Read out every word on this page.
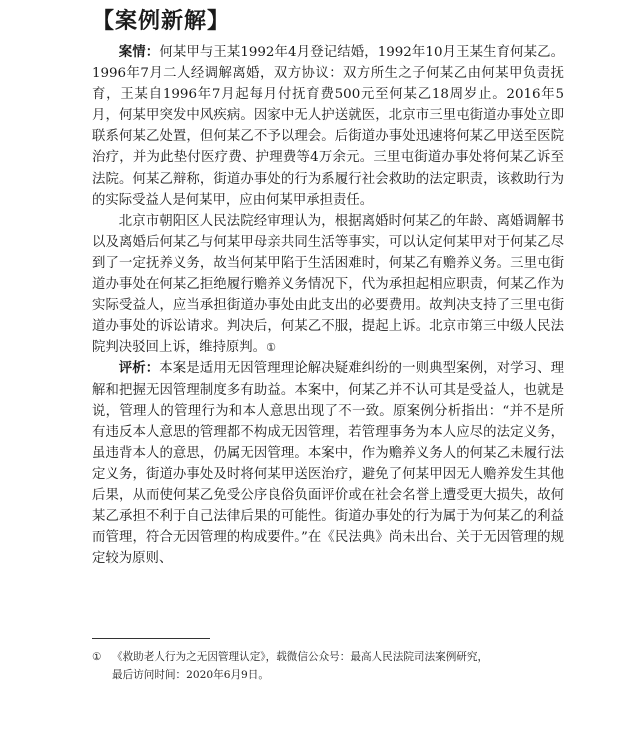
【案例新解】

案情：何某甲与王某1992年4月登记结婚，1992年10月王某生育何某乙。1996年7月二人经调解离婚，双方协议：双方所生之子何某乙由何某甲负责抚育，王某自1996年7月起每月付抚育费500元至何某乙18周岁止。2016年5月，何某甲突发中风疾病。因家中无人护送就医，北京市三里屯街道办事处立即联系何某乙处置，但何某乙不予以理会。后街道办事处迅速将何某乙甲送至医院治疗，并为此垫付医疗费、护理费等4万余元。三里屯街道办事处将何某乙诉至法院。何某乙辩称，街道办事处的行为系履行社会救助的法定职责，该救助行为的实际受益人是何某甲，应由何某甲承担责任。

北京市朝阳区人民法院经审理认为，根据离婚时何某乙的年龄、离婚调解书以及离婚后何某乙与何某甲母亲共同生活等事实，可以认定何某甲对于何某乙尽到了一定抚养义务，故当何某甲陷于生活困难时，何某乙有赡养义务。三里屯街道办事处在何某乙拒绝履行赡养义务情况下，代为承担起相应职责，何某乙作为实际受益人，应当承担街道办事处由此支出的必要费用。故判决支持了三里屯街道办事处的诉讼请求。判决后，何某乙不服，提起上诉。北京市第三中级人民法院判决驳回上诉，维持原判。①

评析：本案是适用无因管理理论解决疑难纠纷的一则典型案例，对学习、理解和把握无因管理制度多有助益。本案中，何某乙并不认可其是受益人，也就是说，管理人的管理行为和本人意思出现了不一致。原案例分析指出：“并不是所有违反本人意思的管理都不构成无因管理，若管理事务为本人应尽的法定义务，虽违背本人的意思，仍属无因管理。本案中，作为赡养义务人的何某乙未履行法定义务，街道办事处及时将何某甲送医治疗，避免了何某甲因无人赡养发生其他后果，从而使何某乙免受公序良俗负面评价或在社会名誉上遭受更大损失，故何某乙承担不利于自己法律后果的可能性。街道办事处的行为属于为何某乙的利益而管理，符合无因管理的构成要件。”在《民法典》尚未出台、关于无因管理的规定较为原则、

① 《救助老人行为之无因管理认定》，载微信公众号：最高人民法院司法案例研究，
最后访问时间：2020年6月9日。
